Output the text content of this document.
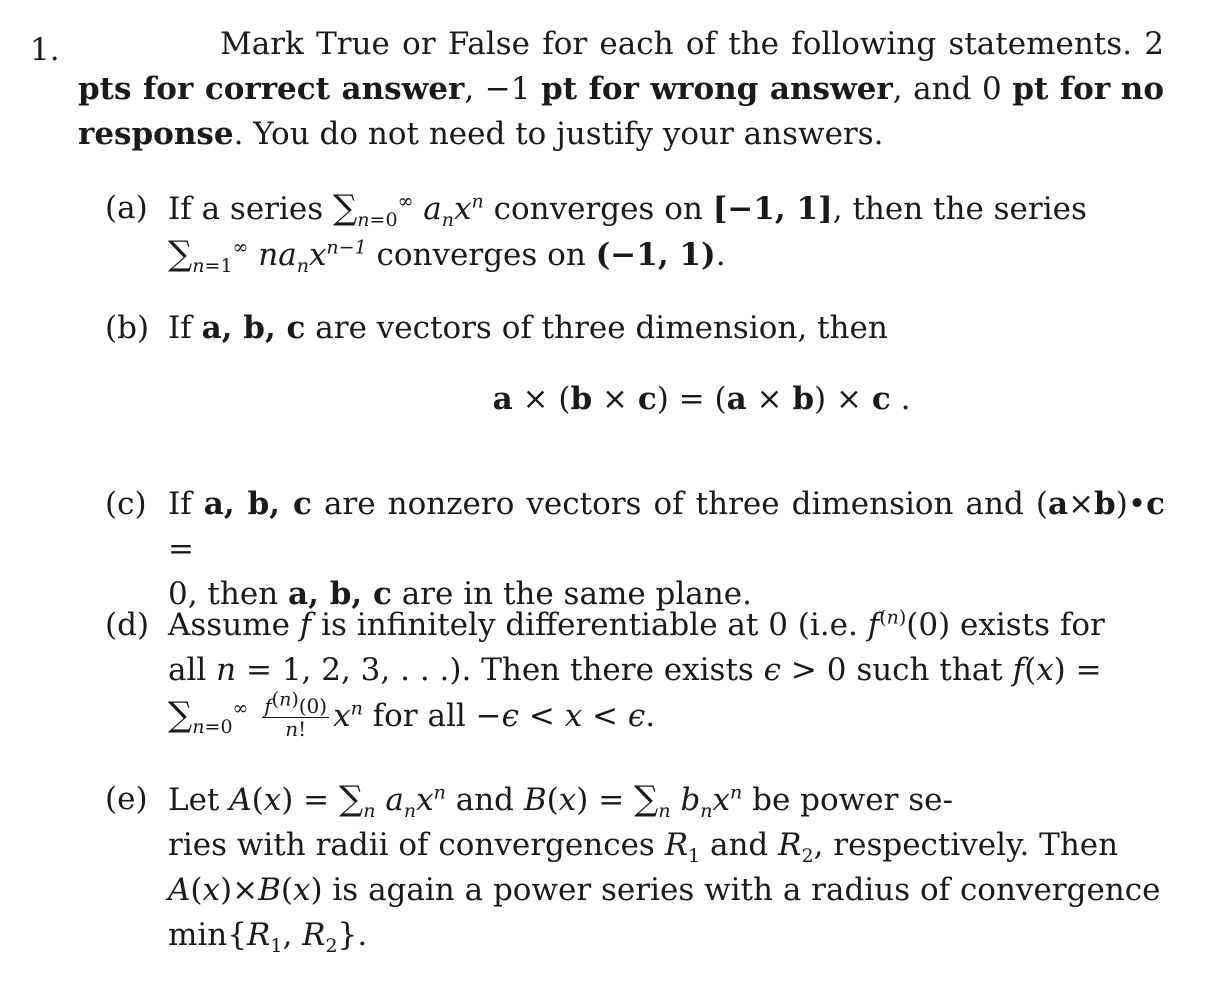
1.	Mark True or False for each of the following statements. 2 pts for correct answer, −1 pt for wrong answer, and 0 pt for no response. You do not need to justify your answers.
(a) If a series $\sum_{n=0}^\infty$ $a_nx^n$ converges on [−1, 1], then the series
$\sum_{n=1}^\infty$ $na_nx^{n-1}$ converges on (−1, 1).
(b) If a, b, c are vectors of three dimension, then
a × (b × c) = (a × b) × c .
(c) If a, b, c are nonzero vectors of three dimension and (a×b)•c =
0, then a, b, c are in the same plane.
(d) Assume f is infinitely differentiable at 0 (i.e. $f^{(n)}(0)$ exists for
all n = 1, 2, 3, . . .). Then there exists ϵ > 0 such that f(x) =
$\sum_{n=0}^\infty \frac{f^{(n)}(0)}{n!} x^n$ for all −ϵ < x < ϵ.
(e) Let $A(x) = \sum_n$ $a_nx^n$ and $B(x) = \sum_n$ $b_nx^n$ be power se-
ries with radii of convergences $R_1$ and $R_2$, respectively. Then
A(x)×B(x) is again a power series with a radius of convergence
$\min\{R_1$, $R_2$}.
